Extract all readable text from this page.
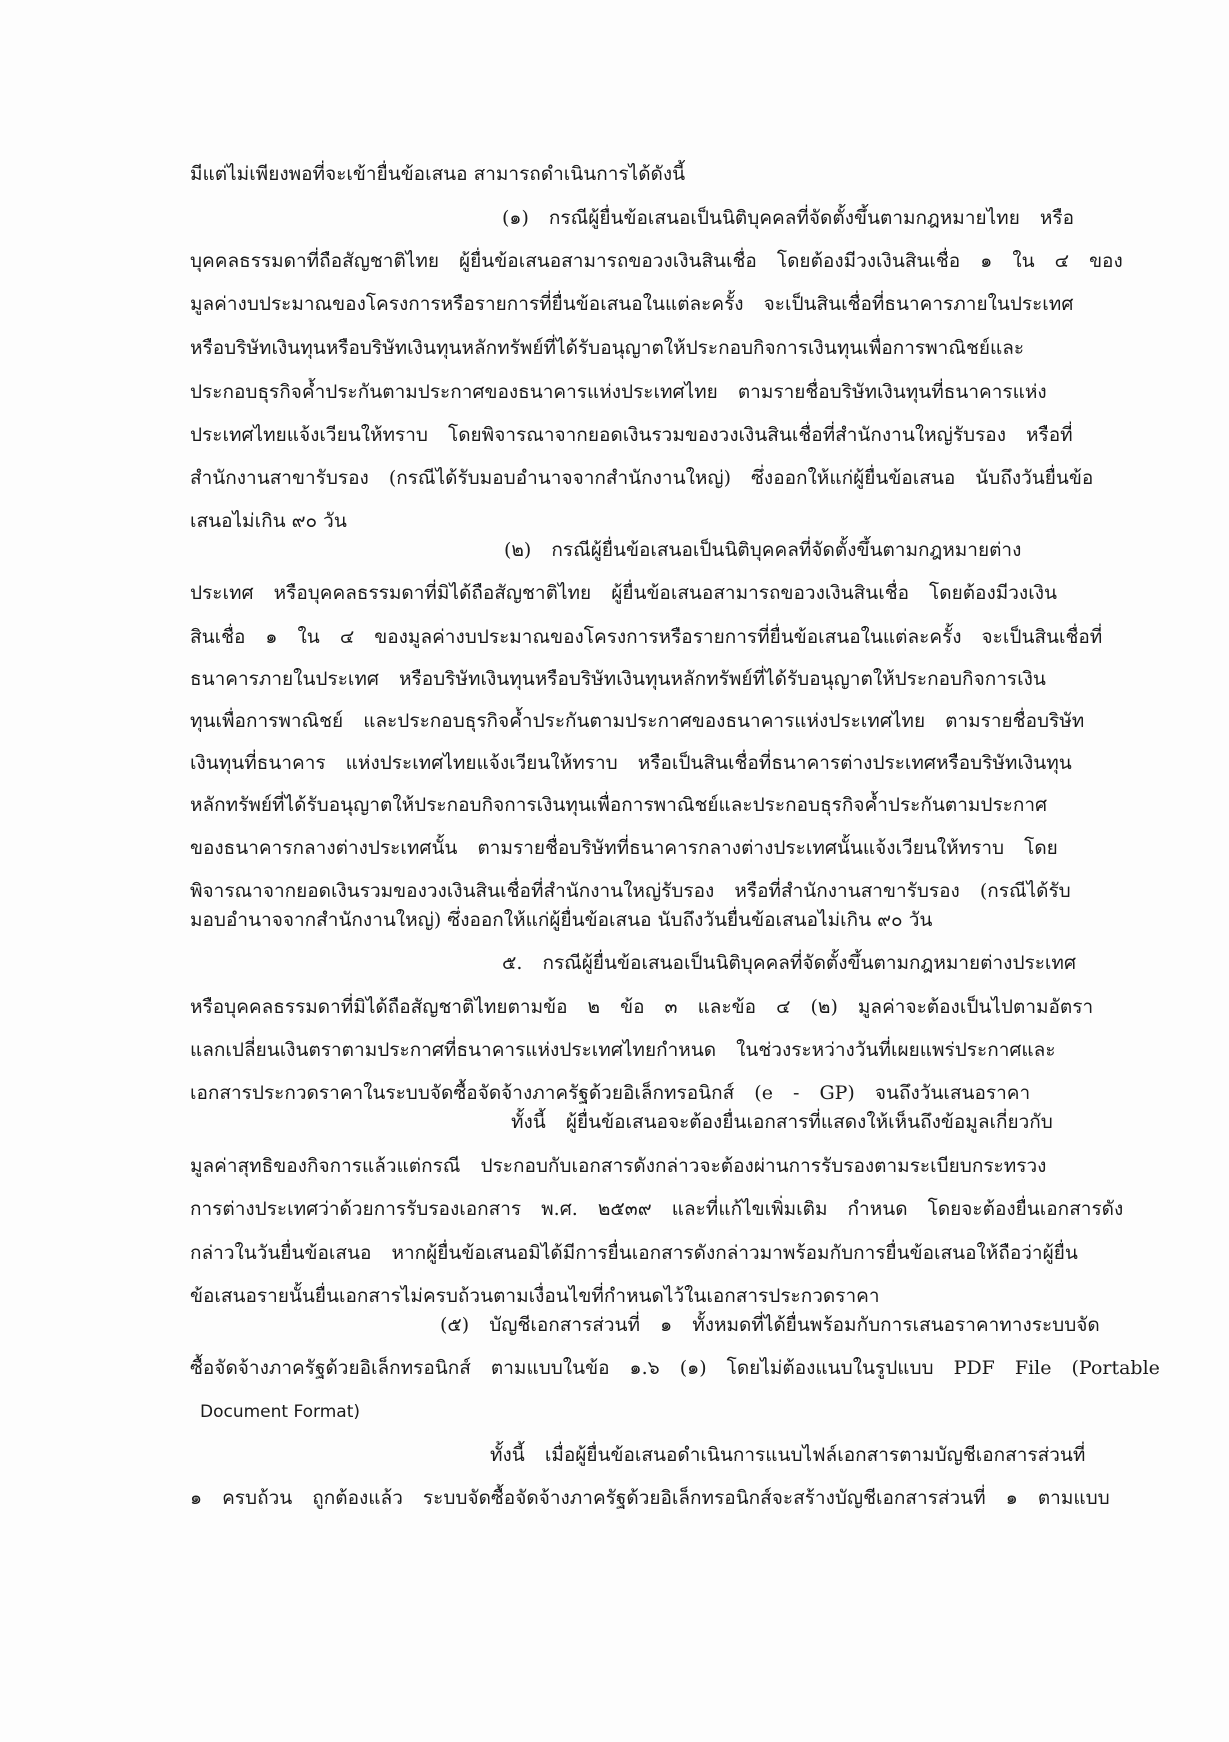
มีแต่ไม่เพียงพอที่จะเข้ายื่นข้อเสนอ สามารถดำเนินการได้ดังนี้
(๑) กรณีผู้ยื่นข้อเสนอเป็นนิติบุคคลที่จัดตั้งขึ้นตามกฎหมายไทย หรือ
บุคคลธรรมดาที่ถือสัญชาติไทย ผู้ยื่นข้อเสนอสามารถขอวงเงินสินเชื่อ โดยต้องมีวงเงินสินเชื่อ ๑ ใน ๔ ของ
มูลค่างบประมาณของโครงการหรือรายการที่ยื่นข้อเสนอในแต่ละครั้ง จะเป็นสินเชื่อที่ธนาคารภายในประเทศ
หรือบริษัทเงินทุนหรือบริษัทเงินทุนหลักทรัพย์ที่ได้รับอนุญาตให้ประกอบกิจการเงินทุนเพื่อการพาณิชย์และ
ประกอบธุรกิจค้ำประกันตามประกาศของธนาคารแห่งประเทศไทย ตามรายชื่อบริษัทเงินทุนที่ธนาคารแห่ง
ประเทศไทยแจ้งเวียนให้ทราบ โดยพิจารณาจากยอดเงินรวมของวงเงินสินเชื่อที่สำนักงานใหญ่รับรอง หรือที่
สำนักงานสาขารับรอง (กรณีได้รับมอบอำนาจจากสำนักงานใหญ่) ซึ่งออกให้แก่ผู้ยื่นข้อเสนอ นับถึงวันยื่นข้อ
เสนอไม่เกิน ๙๐ วัน
(๒) กรณีผู้ยื่นข้อเสนอเป็นนิติบุคคลที่จัดตั้งขึ้นตามกฎหมายต่าง
ประเทศ หรือบุคคลธรรมดาที่มิได้ถือสัญชาติไทย ผู้ยื่นข้อเสนอสามารถขอวงเงินสินเชื่อ โดยต้องมีวงเงิน
สินเชื่อ ๑ ใน ๔ ของมูลค่างบประมาณของโครงการหรือรายการที่ยื่นข้อเสนอในแต่ละครั้ง จะเป็นสินเชื่อที่
ธนาคารภายในประเทศ หรือบริษัทเงินทุนหรือบริษัทเงินทุนหลักทรัพย์ที่ได้รับอนุญาตให้ประกอบกิจการเงิน
ทุนเพื่อการพาณิชย์ และประกอบธุรกิจค้ำประกันตามประกาศของธนาคารแห่งประเทศไทย ตามรายชื่อบริษัท
เงินทุนที่ธนาคาร แห่งประเทศไทยแจ้งเวียนให้ทราบ หรือเป็นสินเชื่อที่ธนาคารต่างประเทศหรือบริษัทเงินทุน
หลักทรัพย์ที่ได้รับอนุญาตให้ประกอบกิจการเงินทุนเพื่อการพาณิชย์และประกอบธุรกิจค้ำประกันตามประกาศ
ของธนาคารกลางต่างประเทศนั้น ตามรายชื่อบริษัทที่ธนาคารกลางต่างประเทศนั้นแจ้งเวียนให้ทราบ โดย
พิจารณาจากยอดเงินรวมของวงเงินสินเชื่อที่สำนักงานใหญ่รับรอง หรือที่สำนักงานสาขารับรอง (กรณีได้รับ
มอบอำนาจจากสำนักงานใหญ่) ซึ่งออกให้แก่ผู้ยื่นข้อเสนอ นับถึงวันยื่นข้อเสนอไม่เกิน ๙๐ วัน
๕. กรณีผู้ยื่นข้อเสนอเป็นนิติบุคคลที่จัดตั้งขึ้นตามกฎหมายต่างประเทศ
หรือบุคคลธรรมดาที่มิได้ถือสัญชาติไทยตามข้อ ๒ ข้อ ๓ และข้อ ๔ (๒) มูลค่าจะต้องเป็นไปตามอัตรา
แลกเปลี่ยนเงินตราตามประกาศที่ธนาคารแห่งประเทศไทยกำหนด ในช่วงระหว่างวันที่เผยแพร่ประกาศและ
เอกสารประกวดราคาในระบบจัดซื้อจัดจ้างภาครัฐด้วยอิเล็กทรอนิกส์ (e - GP) จนถึงวันเสนอราคา
ทั้งนี้ ผู้ยื่นข้อเสนอจะต้องยื่นเอกสารที่แสดงให้เห็นถึงข้อมูลเกี่ยวกับ
มูลค่าสุทธิของกิจการแล้วแต่กรณี ประกอบกับเอกสารดังกล่าวจะต้องผ่านการรับรองตามระเบียบกระทรวง
การต่างประเทศว่าด้วยการรับรองเอกสาร พ.ศ. ๒๕๓๙ และที่แก้ไขเพิ่มเติม กำหนด โดยจะต้องยื่นเอกสารดัง
กล่าวในวันยื่นข้อเสนอ หากผู้ยื่นข้อเสนอมิได้มีการยื่นเอกสารดังกล่าวมาพร้อมกับการยื่นข้อเสนอให้ถือว่าผู้ยื่น
ข้อเสนอรายนั้นยื่นเอกสารไม่ครบถ้วนตามเงื่อนไขที่กำหนดไว้ในเอกสารประกวดราคา
(๕) บัญชีเอกสารส่วนที่ ๑ ทั้งหมดที่ได้ยื่นพร้อมกับการเสนอราคาทางระบบจัด
ซื้อจัดจ้างภาครัฐด้วยอิเล็กทรอนิกส์ ตามแบบในข้อ ๑.๖ (๑) โดยไม่ต้องแนบในรูปแบบ PDF File (Portable
Document Format)
ทั้งนี้ เมื่อผู้ยื่นข้อเสนอดำเนินการแนบไฟล์เอกสารตามบัญชีเอกสารส่วนที่
๑ ครบถ้วน ถูกต้องแล้ว ระบบจัดซื้อจัดจ้างภาครัฐด้วยอิเล็กทรอนิกส์จะสร้างบัญชีเอกสารส่วนที่ ๑ ตามแบบ
